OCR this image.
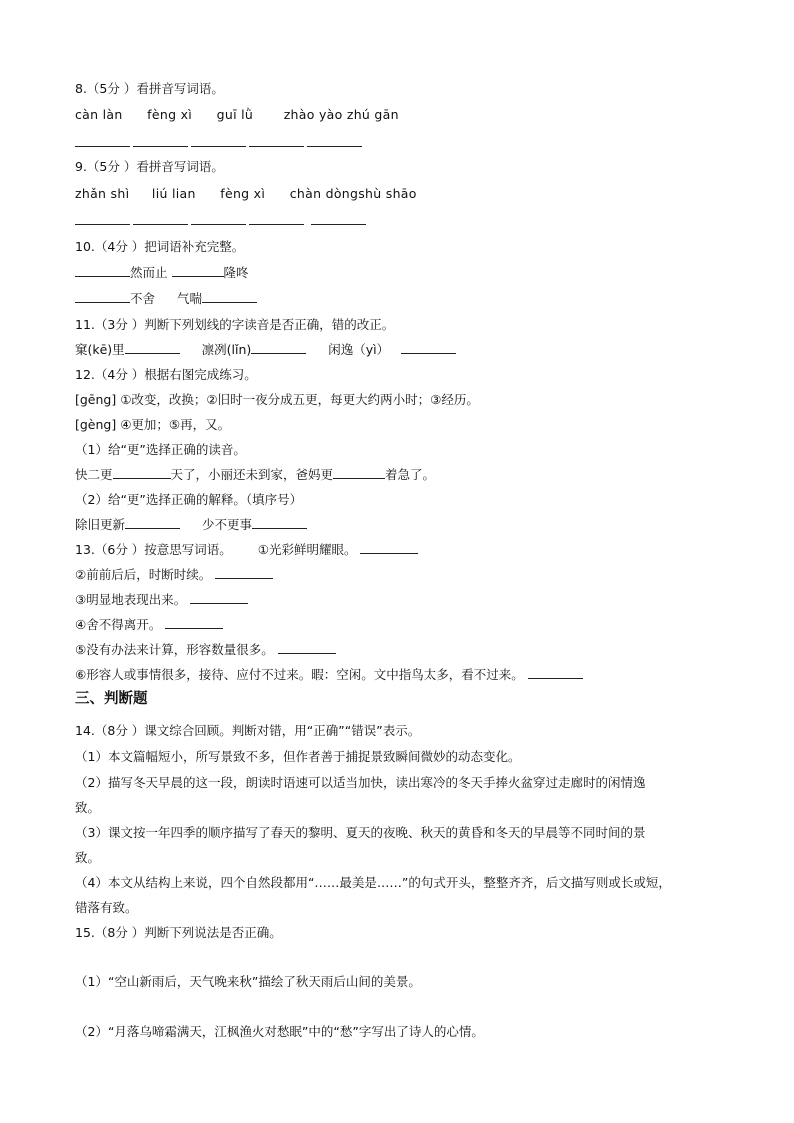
8.（5分 ）看拼音写词语。
càn làn fèng xì guī lǜ zhào yào zhú gān
9.（5分 ）看拼音写词语。
zhǎn shì liú lian fèng xì chàn dòngshù shāo
10.（4分 ）把词语补充完整。
然而止	隆咚
不舍 气喘
11.（3分 ）判断下列划线的字读音是否正确，错的改正。
窠(kē)里	凛冽(lǐn)	闲逸（yì）
12.（4分 ）根据右图完成练习。
[gēng] ①改变，改换；②旧时一夜分成五更，每更大约两小时；③经历。
[gèng] ④更加；⑤再，又。
（1）给“更”选择正确的读音。
快二更	天了，小丽还未到家，爸妈更	着急了。
（2）给“更”选择正确的解释。（填序号）
除旧更新	少不更事
13.（6分 ）按意思写词语。 ①光彩鲜明耀眼。
②前前后后，时断时续。
③明显地表现出来。
④舍不得离开。
⑤没有办法来计算，形容数量很多。
⑥形容人或事情很多，接待、应付不过来。暇：空闲。文中指鸟太多，看不过来。
三、判断题
14.（8分 ）课文综合回顾。判断对错，用“正确”“错误”表示。
（1）本文篇幅短小，所写景致不多，但作者善于捕捉景致瞬间微妙的动态变化。
（2）描写冬天早晨的这一段，朗读时语速可以适当加快，读出寒冷的冬天手捧火盆穿过走廊时的闲情逸
致。
（3）课文按一年四季的顺序描写了春天的黎明、夏天的夜晚、秋天的黄昏和冬天的早晨等不同时间的景
致。
（4）本文从结构上来说，四个自然段都用“……最美是……”的句式开头，整整齐齐，后文描写则或长或短，
错落有致。
15.（8分 ）判断下列说法是否正确。
（1）“空山新雨后，天气晚来秋”描绘了秋天雨后山间的美景。
（2）“月落乌啼霜满天，江枫渔火对愁眠”中的“愁”字写出了诗人的心情。
